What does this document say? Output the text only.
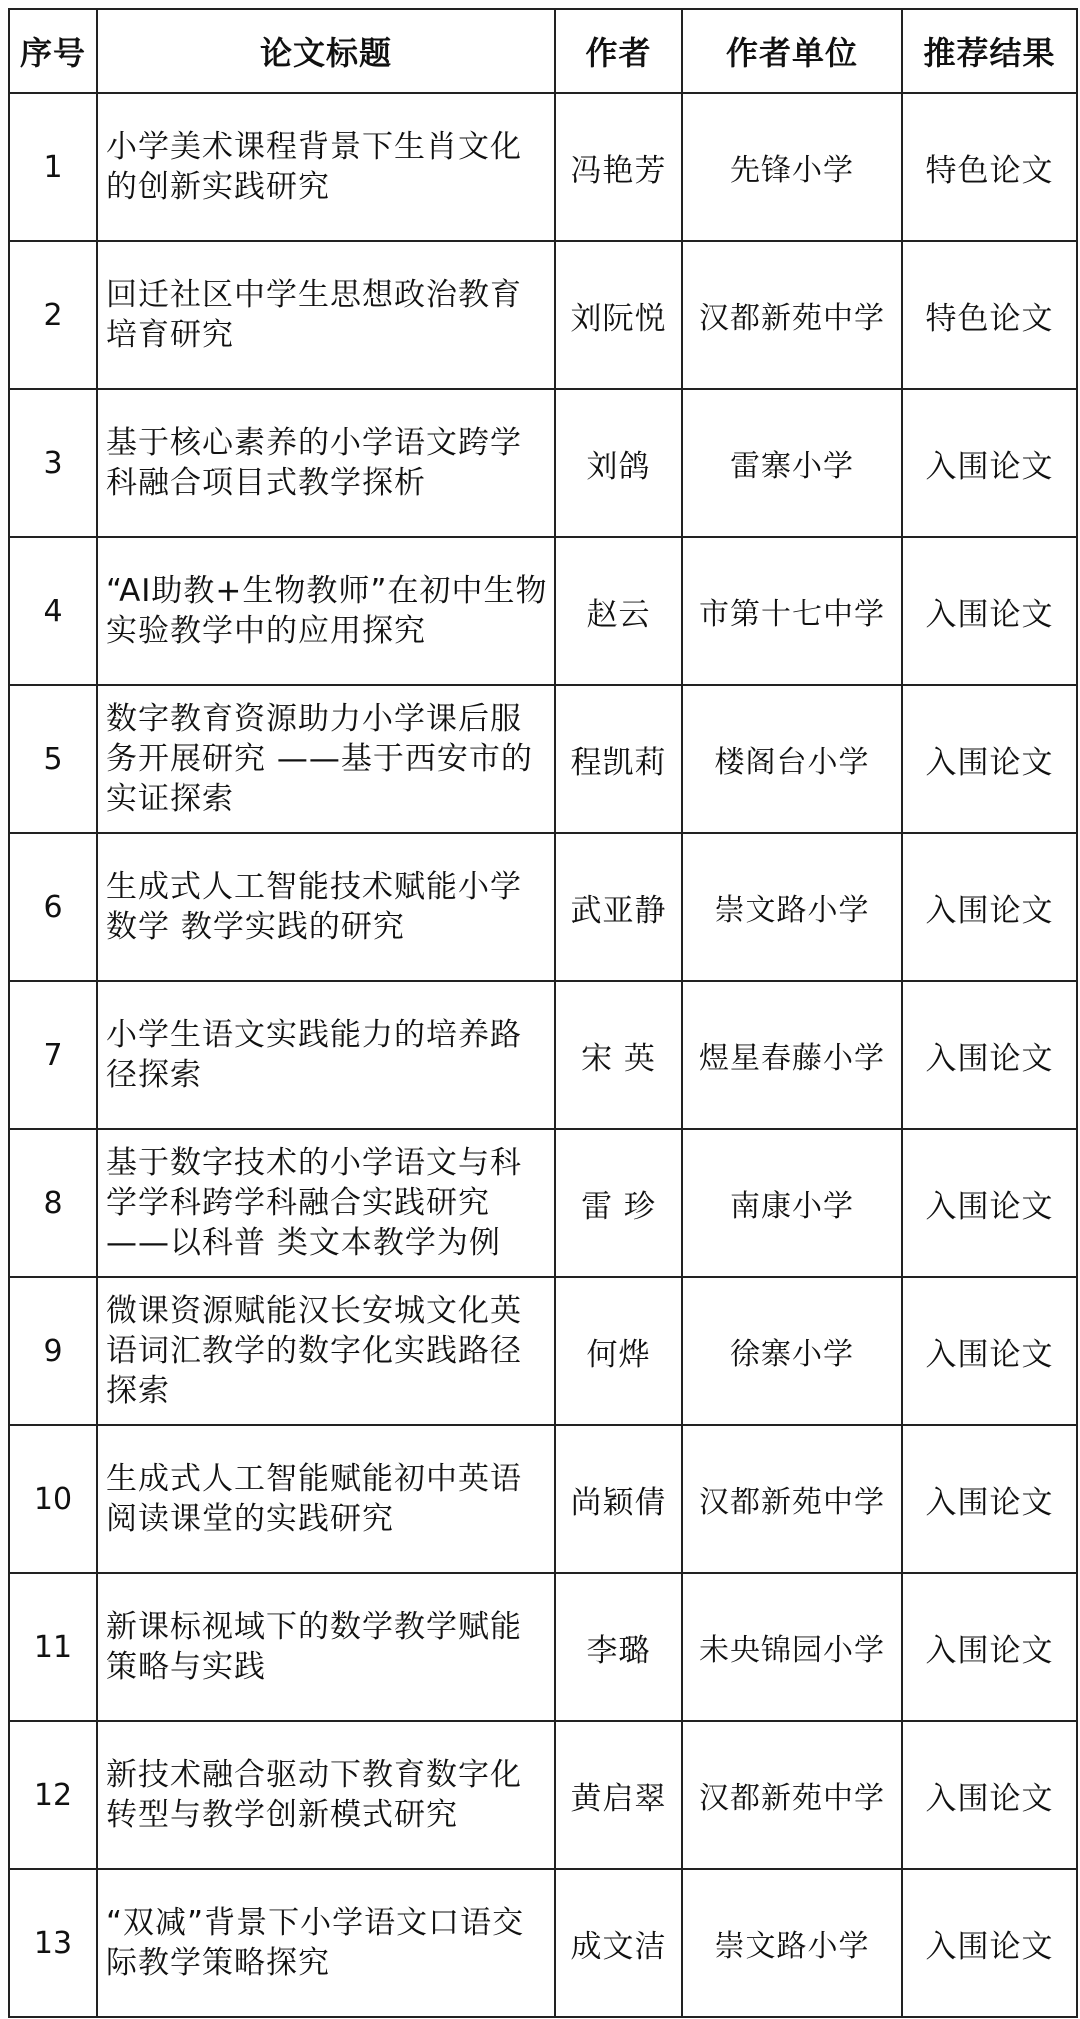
序号	论文标题	作者	作者单位	推荐结果
1	小学美术课程背景下生肖文化的创新实践研究	冯艳芳	先锋小学	特色论文
2	回迁社区中学生思想政治教育培育研究	刘阮悦	汉都新苑中学	特色论文
3	基于核心素养的小学语文跨学科融合项目式教学探析	刘鸽	雷寨小学	入围论文
4	“AI助教+生物教师”在初中生物实验教学中的应用探究	赵云	市第十七中学	入围论文
5	数字教育资源助力小学课后服务开展研究 ——基于西安市的实证探索	程凯莉	楼阁台小学	入围论文
6	生成式人工智能技术赋能小学数学 教学实践的研究	武亚静	崇文路小学	入围论文
7	小学生语文实践能力的培养路径探索	宋 英	煜星春藤小学	入围论文
8	基于数字技术的小学语文与科学学科跨学科融合实践研究——以科普 类文本教学为例	雷 珍	南康小学	入围论文
9	微课资源赋能汉长安城文化英语词汇教学的数字化实践路径探索	何烨	徐寨小学	入围论文
10	生成式人工智能赋能初中英语阅读课堂的实践研究	尚颖倩	汉都新苑中学	入围论文
11	新课标视域下的数学教学赋能策略与实践	李璐	未央锦园小学	入围论文
12	新技术融合驱动下教育数字化转型与教学创新模式研究	黄启翠	汉都新苑中学	入围论文
13	“双减”背景下小学语文口语交际教学策略探究	成文洁	崇文路小学	入围论文
